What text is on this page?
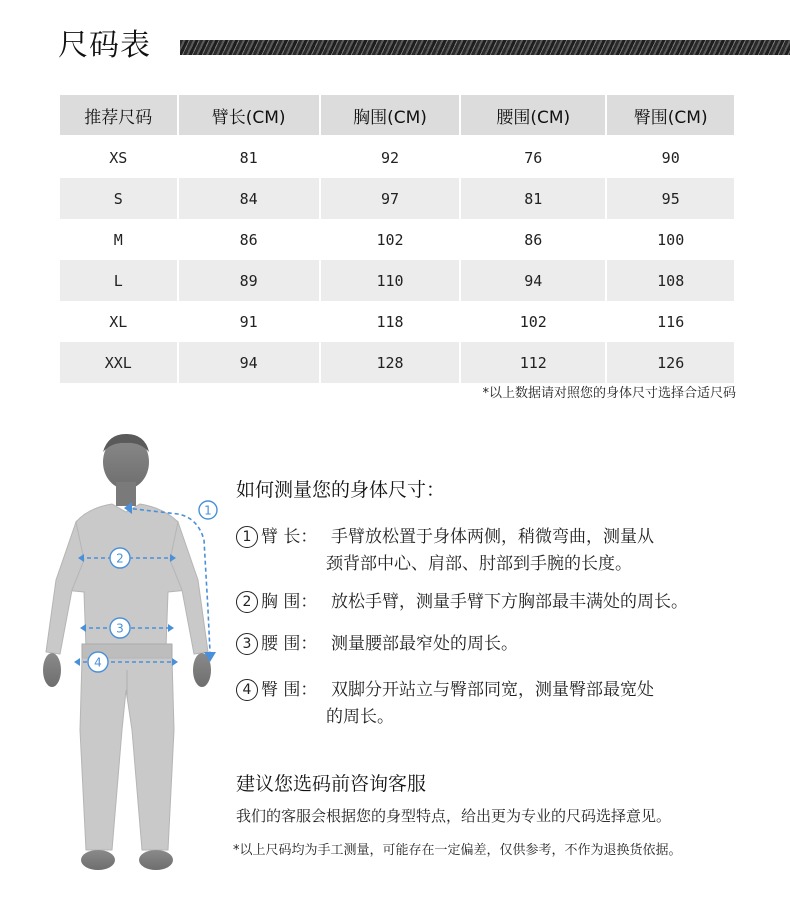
尺码表
推荐尺码	臂长(CM)	胸围(CM)	腰围(CM)	臀围(CM)
XS	81	92	76	90
S	84	97	81	95
M	86	102	86	100
L	89	110	94	108
XL	91	118	102	116
XXL	94	128	112	126
*以上数据请对照您的身体尺寸选择合适尺码
1
2
3
4
如何测量您的身体尺寸：
1 臂 长： 手臂放松置于身体两侧，稍微弯曲，测量从
颈背部中心、肩部、肘部到手腕的长度。
2 胸 围： 放松手臂，测量手臂下方胸部最丰满处的周长。
3 腰 围： 测量腰部最窄处的周长。
4 臀 围： 双脚分开站立与臀部同宽，测量臀部最宽处
的周长。
建议您选码前咨询客服
我们的客服会根据您的身型特点，给出更为专业的尺码选择意见。
*以上尺码均为手工测量，可能存在一定偏差，仅供参考，不作为退换货依据。
